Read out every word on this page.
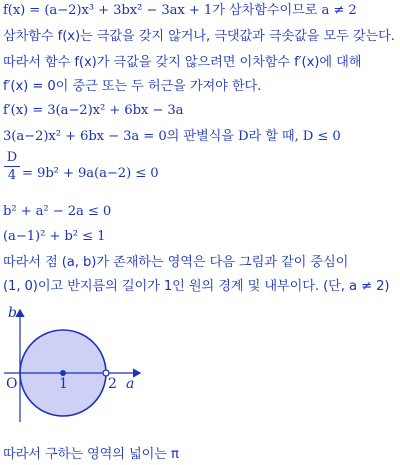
f(x) = (a−2)x³ + 3bx² − 3ax + 1가 삼차함수이므로 a ≠ 2
삼차함수 f(x)는 극값을 갖지 않거나, 극댓값과 극솟값을 모두 갖는다.
따라서 함수 f(x)가 극값을 갖지 않으려면 이차함수 f′(x)에 대해
f′(x) = 0이 중근 또는 두 허근을 가져야 한다.
f′(x) = 3(a−2)x² + 6bx − 3a
3(a−2)x² + 6bx − 3a = 0의 판별식을 D라 할 때, D ≤ 0
D
4 = 9b² + 9a(a−2) ≤ 0
b² + a² − 2a ≤ 0
(a−1)² + b² ≤ 1
따라서 점 (a, b)가 존재하는 영역은 다음 그림과 같이 중심이
(1, 0)이고 반지름의 길이가 1인 원의 경계 및 내부이다. (단, a ≠ 2)
b
a
O	1	2
따라서 구하는 영역의 넓이는 π
